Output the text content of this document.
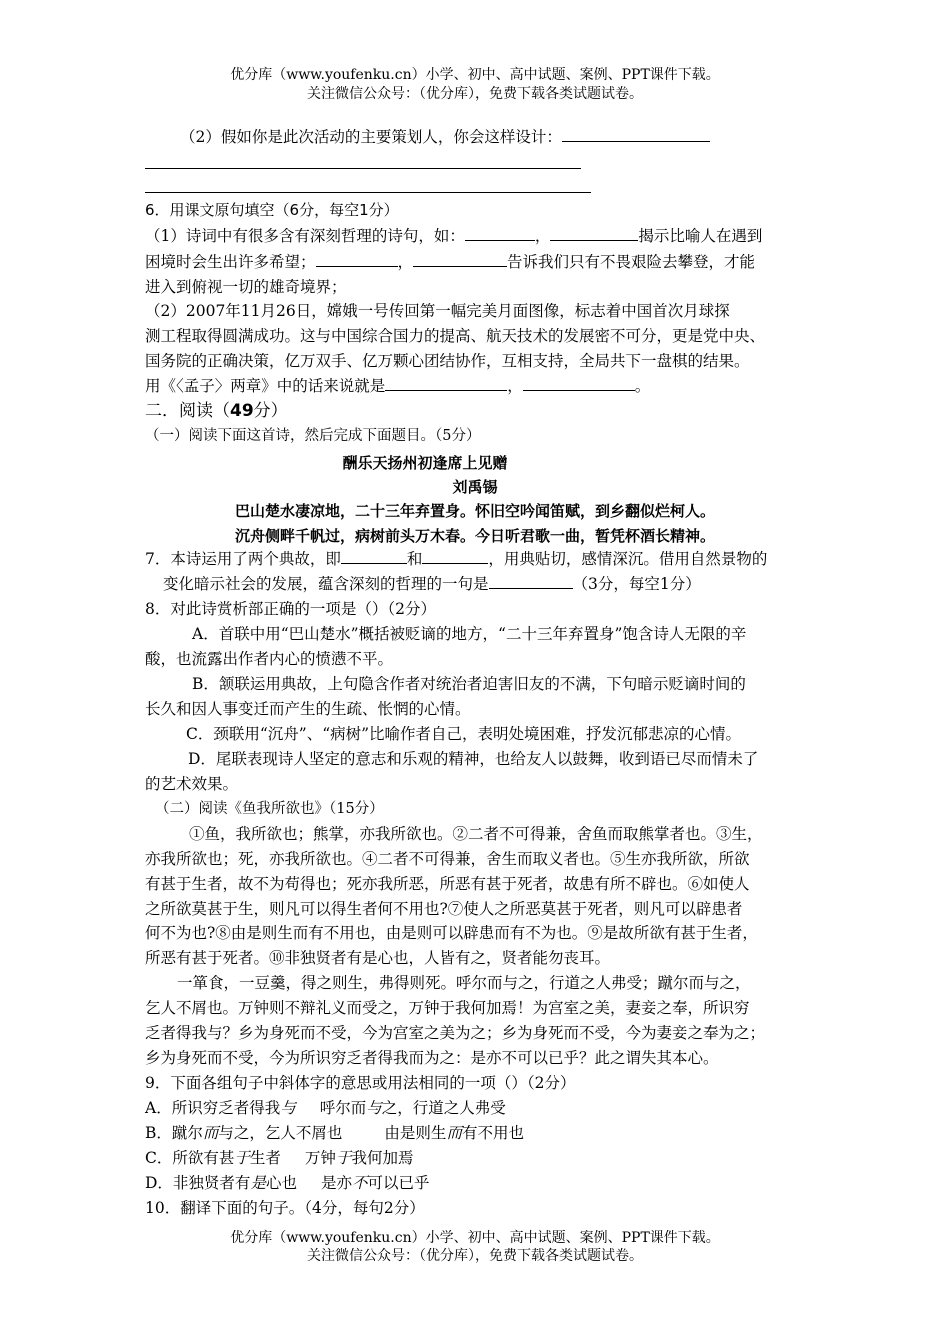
优分库（www.youfenku.cn）小学、初中、高中试题、案例、PPT课件下载。
关注微信公众号：（优分库），免费下载各类试题试卷。
（2）假如你是此次活动的主要策划人，你会这样设计：
6．用课文原句填空（6分，每空1分）
（1）诗词中有很多含有深刻哲理的诗句，如：	，	揭示比喻人在遇到
困境时会生出许多希望；	，	告诉我们只有不畏艰险去攀登，才能
进入到俯视一切的雄奇境界；
（2）2007年11月26日，嫦娥一号传回第一幅完美月面图像，标志着中国首次月球探
测工程取得圆满成功。这与中国综合国力的提高、航天技术的发展密不可分，更是党中央、
国务院的正确决策，亿万双手、亿万颗心团结协作，互相支持，全局共下一盘棋的结果。
用《〈孟子〉两章》中的话来说就是	，	。
二．阅读（49分）
（一）阅读下面这首诗，然后完成下面题目。（5分）
酬乐天扬州初逢席上见赠
刘禹锡
巴山楚水凄凉地，二十三年弃置身。怀旧空吟闻笛赋，到乡翻似烂柯人。
沉舟侧畔千帆过，病树前头万木春。今日听君歌一曲，暂凭杯酒长精神。
7．本诗运用了两个典故，即	和	，用典贴切，感情深沉。借用自然景物的
变化暗示社会的发展，蕴含深刻的哲理的一句是	（3分，每空1分）
8．对此诗赏析部正确的一项是（）（2分）
A．首联中用“巴山楚水”概括被贬谪的地方，“二十三年弃置身”饱含诗人无限的辛
酸，也流露出作者内心的愤懑不平。
B．颔联运用典故，上句隐含作者对统治者迫害旧友的不满，下句暗示贬谪时间的
长久和因人事变迁而产生的生疏、怅惘的心情。
C．颈联用“沉舟”、“病树”比喻作者自己，表明处境困难，抒发沉郁悲凉的心情。
D．尾联表现诗人坚定的意志和乐观的精神，也给友人以鼓舞，收到语已尽而情未了
的艺术效果。
（二）阅读《鱼我所欲也》（15分）
①鱼，我所欲也；熊掌，亦我所欲也。②二者不可得兼，舍鱼而取熊掌者也。③生，
亦我所欲也；死，亦我所欲也。④二者不可得兼，舍生而取义者也。⑤生亦我所欲，所欲
有甚于生者，故不为苟得也；死亦我所恶，所恶有甚于死者，故患有所不辟也。⑥如使人
之所欲莫甚于生，则凡可以得生者何不用也?⑦使人之所恶莫甚于死者，则凡可以辟患者
何不为也?⑧由是则生而有不用也，由是则可以辟患而有不为也。⑨是故所欲有甚于生者，
所恶有甚于死者。⑩非独贤者有是心也，人皆有之，贤者能勿丧耳。
一箪食，一豆羹，得之则生，弗得则死。呼尔而与之，行道之人弗受；蹴尔而与之，
乞人不屑也。万钟则不辩礼义而受之，万钟于我何加焉！为宫室之美，妻妾之奉，所识穷
乏者得我与？乡为身死而不受，今为宫室之美为之；乡为身死而不受，今为妻妾之奉为之；
乡为身死而不受，今为所识穷乏者得我而为之：是亦不可以已乎？此之谓失其本心。
9．下面各组句子中斜体字的意思或用法相同的一项（）（2分）
A．所识穷乏者得我与 呼尔而与之，行道之人弗受
B．蹴尔而与之，乞人不屑也	由是则生而有不用也
C．所欲有甚于生者 万钟于我何加焉
D．非独贤者有是心也 是亦不可以已乎
10．翻译下面的句子。（4分，每句2分）
优分库（www.youfenku.cn）小学、初中、高中试题、案例、PPT课件下载。
关注微信公众号：（优分库），免费下载各类试题试卷。
